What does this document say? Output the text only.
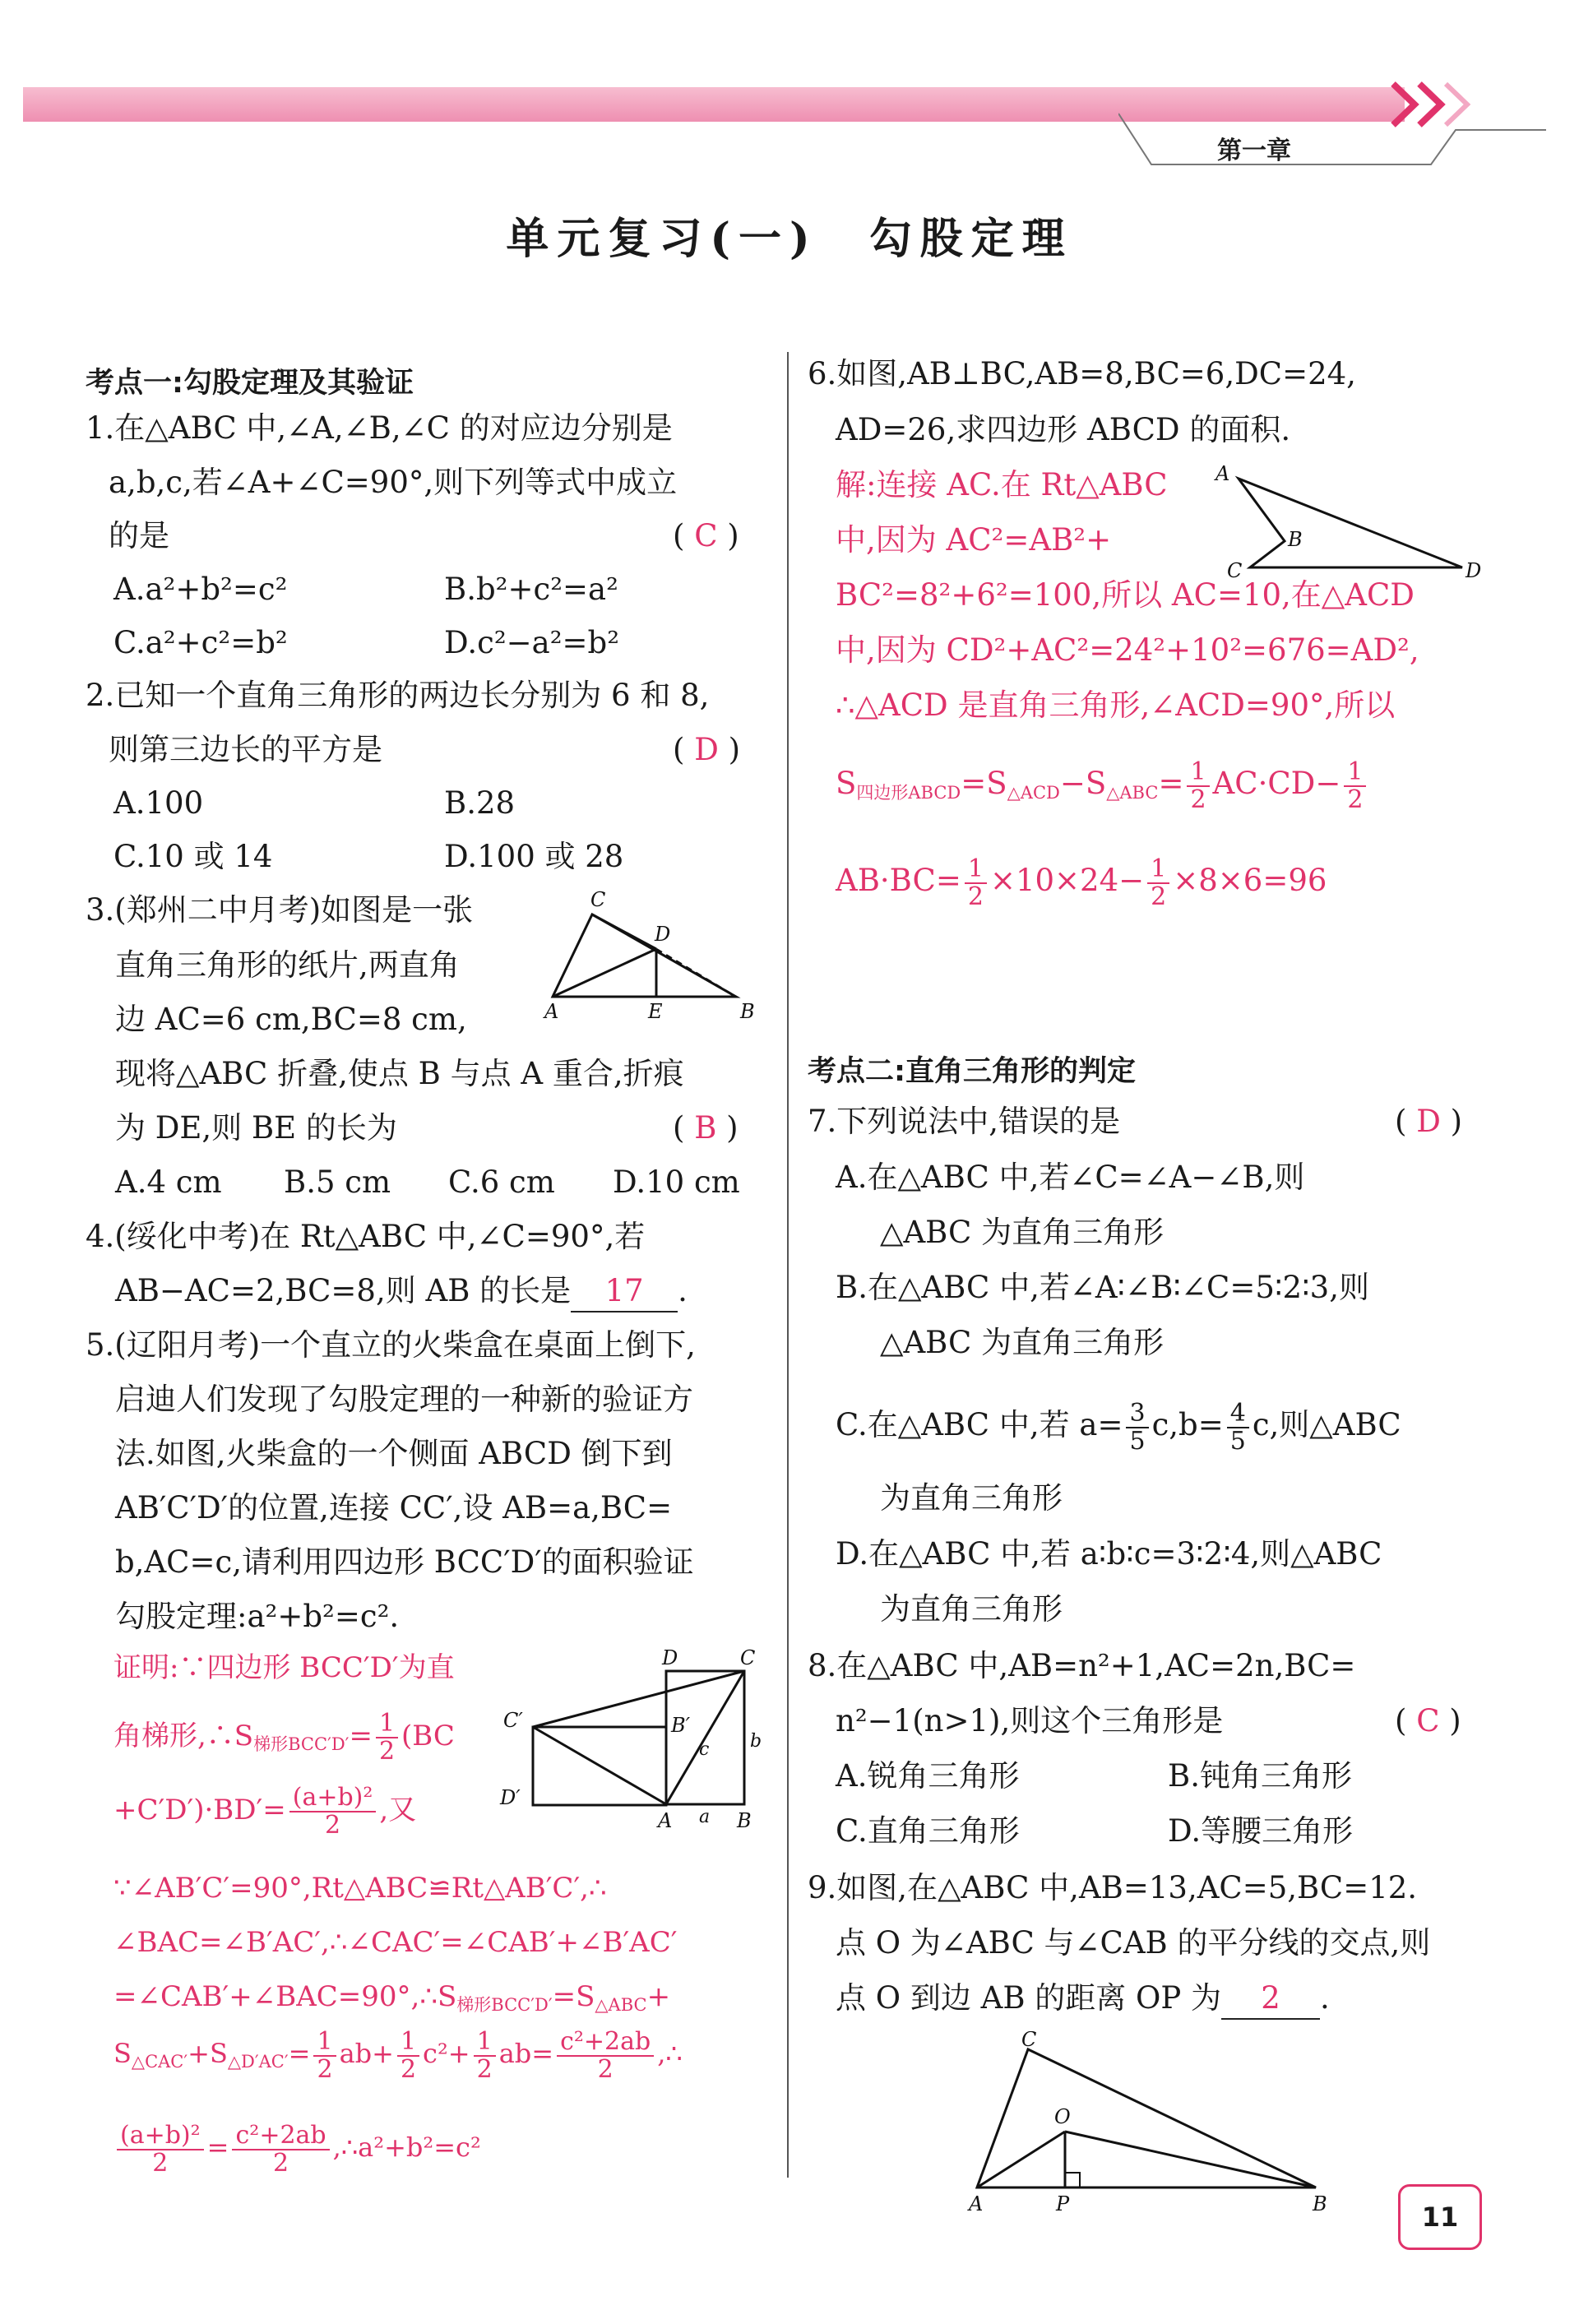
第一章
单元复习(一)　勾股定理
考点一:勾股定理及其验证
1.在△ABC 中,∠A,∠B,∠C 的对应边分别是
a,b,c,若∠A+∠C=90°,则下列等式中成立
的是	( C )
A.a²+b²=c²	B.b²+c²=a²
C.a²+c²=b²	D.c²−a²=b²
2.已知一个直角三角形的两边长分别为 6 和 8,
则第三边长的平方是	( D )
A.100	B.28
C.10 或 14	D.100 或 28
3.(郑州二中月考)如图是一张
直角三角形的纸片,两直角
边 AC=6 cm,BC=8 cm,
现将△ABC 折叠,使点 B 与点 A 重合,折痕
为 DE,则 BE 的长为	( B )
A.4 cm B.5 cm C.6 cm D.10 cm
C
D
A	E	B
4.(绥化中考)在 Rt△ABC 中,∠C=90°,若
AB−AC=2,BC=8,则 AB 的长是 17 .
5.(辽阳月考)一个直立的火柴盒在桌面上倒下,
启迪人们发现了勾股定理的一种新的验证方
法.如图,火柴盒的一个侧面 ABCD 倒下到
AB′C′D′的位置,连接 CC′,设 AB=a,BC=
b,AC=c,请利用四边形 BCC′D′的面积验证
勾股定理:a²+b²=c².
证明:∵四边形 BCC′D′为直
角梯形$,\therefore S_{梯形BCC'D'}= \frac{1}{2} (BC$
$+C'D')\cdot BD'= \frac{\text{(a+b)²}}{2}$ ,又
∵∠AB′C′=90°,Rt△ABC≌Rt△AB′C′,∴
∠BAC=∠B′AC′,∴∠CAC′=∠CAB′+∠B′AC′
$=\angle CAB'+\angle BAC=90^\circ,\therefore S_{梯形BCC'D'}=S_{\triangle ABC}+$
$S_{\triangle CAC'}+S_{\triangle D'AC'}= \frac{1}{2} ab+ \frac{1}{2} c^2+ \frac{1}{2} ab= \frac{\text{c²+2ab}}{2}$ ,∴
$\frac{\text{(a+b)²}}{2} = \frac{\text{c²+2ab}}{2}$ ,∴a²+b²=c²
D	C
C′	B′
c b
D′
A a B
6.如图,AB⊥BC,AB=8,BC=6,DC=24,
AD=26,求四边形 ABCD 的面积.
解:连接 AC.在 Rt△ABC
中,因为 AC²=AB²+
BC²=8²+6²=100,所以 AC=10,在△ACD
中,因为 CD²+AC²=24²+10²=676=AD²,
∴△ACD 是直角三角形,∠ACD=90°,所以
$S_{四边形ABCD}=S_{\triangle ACD}-S_{\triangle ABC}= \frac{1}{2} AC\cdot CD- \frac{1}{2}$
$AB\cdot BC= \frac{1}{2} \times 10\times 24- \frac{1}{2} \times 8\times 6=96$
A
B
C	D
考点二:直角三角形的判定
7.下列说法中,错误的是	( D )
A.在△ABC 中,若∠C=∠A−∠B,则
△ABC 为直角三角形
B.在△ABC 中,若∠A∶∠B∶∠C=5∶2∶3,则
△ABC 为直角三角形
C.在△ABC 中,若 $a= \frac{3}{5} c,b= \frac{4}{5} c$,则△ABC
为直角三角形
D.在△ABC 中,若 a∶b∶c=3∶2∶4,则△ABC
为直角三角形
8.在△ABC 中,AB=n²+1,AC=2n,BC=
n²−1(n>1),则这个三角形是	( C )
A.锐角三角形	B.钝角三角形
C.直角三角形	D.等腰三角形
9.如图,在△ABC 中,AB=13,AC=5,BC=12.
点 O 为∠ABC 与∠CAB 的平分线的交点,则
点 O 到边 AB 的距离 OP 为 2 .
C
O
A	P	B	11
